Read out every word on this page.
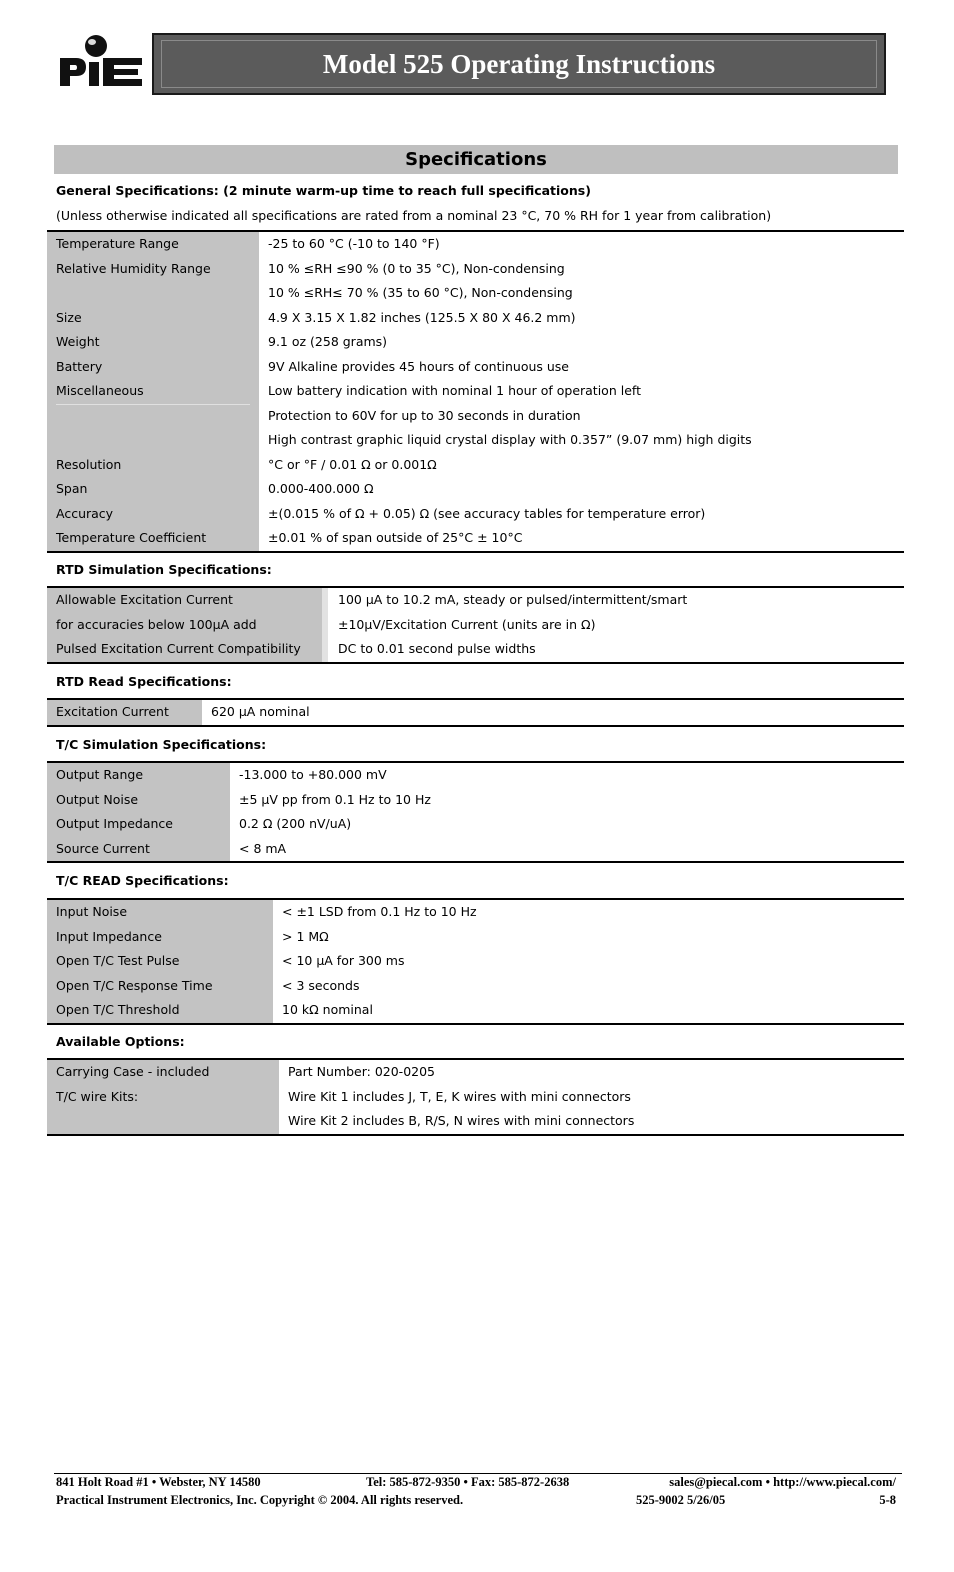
Model 525 Operating Instructions
Specifications
General Specifications: (2 minute warm-up time to reach full specifications)
(Unless otherwise indicated all specifications are rated from a nominal 23 °C, 70 % RH for 1 year from calibration)
Temperature Range	-25 to 60 °C (-10 to 140 °F)
Relative Humidity Range	10 % ≤RH ≤90 % (0 to 35 °C), Non-condensing
10 % ≤RH≤ 70 % (35 to 60 °C), Non-condensing
Size	4.9 X 3.15 X 1.82 inches (125.5 X 80 X 46.2 mm)
Weight	9.1 oz (258 grams)
Battery	9V Alkaline provides 45 hours of continuous use
Miscellaneous	Low battery indication with nominal 1 hour of operation left
Protection to 60V for up to 30 seconds in duration
High contrast graphic liquid crystal display with 0.357” (9.07 mm) high digits
Resolution	°C or °F / 0.01 Ω or 0.001Ω
Span	0.000-400.000 Ω
Accuracy	±(0.015 % of Ω + 0.05) Ω (see accuracy tables for temperature error)
Temperature Coefficient	±0.01 % of span outside of 25°C ± 10°C
RTD Simulation Specifications:
Allowable Excitation Current	100 μA to 10.2 mA, steady or pulsed/intermittent/smart
for accuracies below 100μA add	±10μV/Excitation Current (units are in Ω)
Pulsed Excitation Current Compatibility	DC to 0.01 second pulse widths
RTD Read Specifications:
Excitation Current	620 μA nominal
T/C Simulation Specifications:
Output Range	-13.000 to +80.000 mV
Output Noise	±5 μV pp from 0.1 Hz to 10 Hz
Output Impedance	0.2 Ω (200 nV/uA)
Source Current	< 8 mA
T/C READ Specifications:
Input Noise	< ±1 LSD from 0.1 Hz to 10 Hz
Input Impedance	> 1 MΩ
Open T/C Test Pulse	< 10 μA for 300 ms
Open T/C Response Time	< 3 seconds
Open T/C Threshold	10 kΩ nominal
Available Options:
Carrying Case - included	Part Number: 020-0205
T/C wire Kits:	Wire Kit 1 includes J, T, E, K wires with mini connectors
Wire Kit 2 includes B, R/S, N wires with mini connectors
841 Holt Road #1 • Webster, NY 14580	Tel: 585-872-9350 • Fax: 585-872-2638	sales@piecal.com • http://www.piecal.com/
Practical Instrument Electronics, Inc. Copyright © 2004. All rights reserved.	525-9002 5/26/05	5-8
